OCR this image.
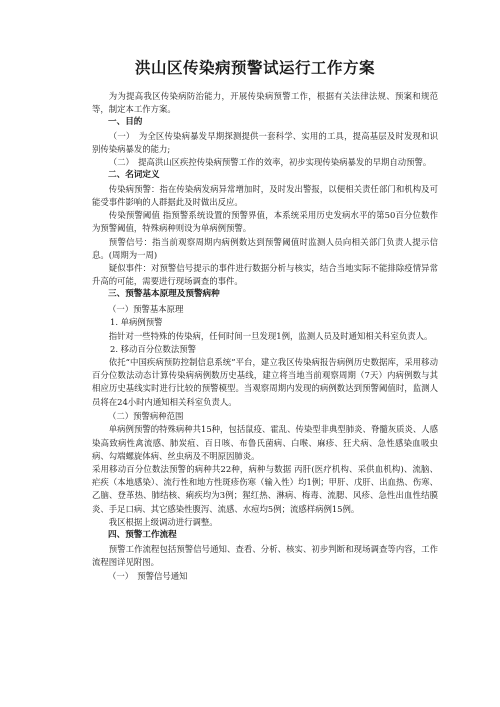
洪山区传染病预警试运行工作方案

为为提高我区传染病防治能力，开展传染病预警工作，根据有关法律法规、预案和规范等，制定本工作方案。

一、目的

（一）　为全区传染病暴发早期探测提供一套科学、实用的工具，提高基层及时发现和识别传染病暴发的能力;

（二）　提高洪山区疾控传染病预警工作的效率，初步实现传染病暴发的早期自动预警。

二、名词定义

传染病预警：指在传染病发病异常增加时，及时发出警报，以便相关责任部门和机构及可能受事件影响的人群据此及时做出反应。

传染预警阈值 指预警系统设置的预警界值，本系统采用历史发病水平的第50百分位数作为预警阈值，特殊病种则设为单病例预警。

预警信号：指当前观察周期内病例数达到预警阈值时监测人员向相关部门负责人提示信息。(周期为一周)

疑似事件：对预警信号提示的事件进行数据分析与核实，结合当地实际不能排除疫情异常升高的可能，需要进行现场调查的事件。

三、预警基本原理及预警病种
（一）预警基本原理

1. 单病例预警

指针对一些特殊的传染病，任何时间一旦发现1例，监测人员及时通知相关科室负责人。

2. 移动百分位数法预警

依托“中国疾病预防控制信息系统”平台，建立我区传染病报告病例历史数据库，采用移动百分位数法动态计算传染病病例数历史基线，建立将当地当前观察周期（7天）内病例数与其相应历史基线实时进行比较的预警模型。当观察周期内发现的病例数达到预警阈值时，监测人员将在24小时内通知相关科室负责人。

（二）预警病种范围

单病例预警的特殊病种共15种，包括鼠疫、霍乱、传染型非典型肺炎、脊髓灰质炎、人感染高致病性禽流感、肺炭疽、百日咳、布鲁氏菌病、白喉、麻疹、狂犬病、急性感染血吸虫病、勾端螺旋体病、丝虫病及不明原因肺炎。

采用移动百分位数法预警的病种共22种，病种与数据 丙肝(医疗机构、采供血机构)、流脑、疟疾（本地感染）、流行性和地方性斑疹伤寒（输入性）均1例；甲肝、戊肝、出血热、伤寒、乙脑、登革热、肺结核、痢疾均为3例；猩红热、淋病、梅毒、流腮、风疹、急性出血性结膜炎、手足口病、其它感染性腹泻、流感、水痘均5例；流感样病例15例。

我区根据上级调动进行调整。

四、预警工作流程

预警工作流程包括预警信号通知、查看、分析、核实、初步判断和现场调查等内容，工作流程图详见附图。

（一）　预警信号通知
